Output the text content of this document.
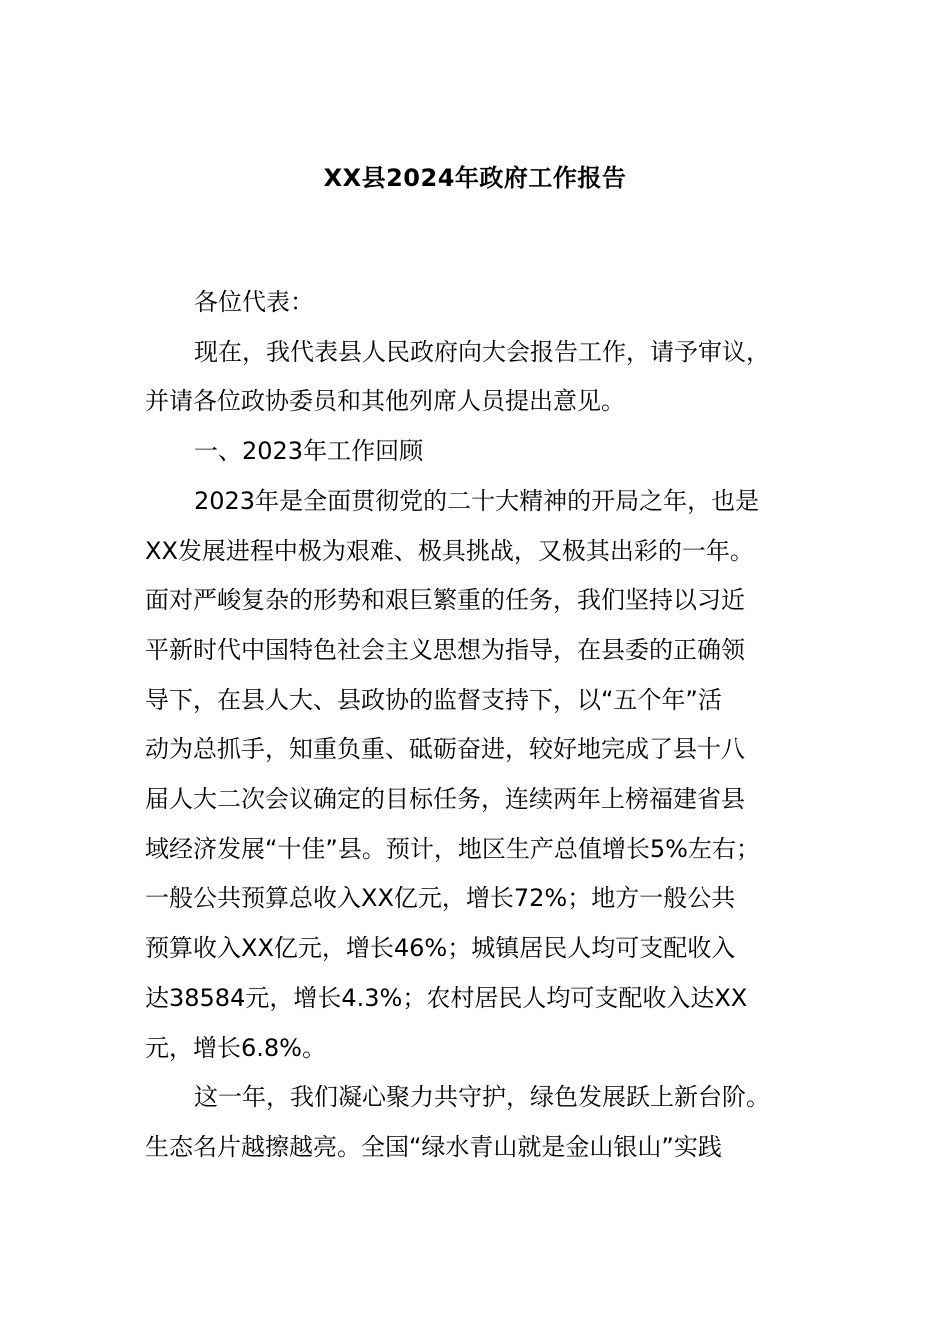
XX县2024年政府工作报告
各位代表：
现在，我代表县人民政府向大会报告工作，请予审议，
并请各位政协委员和其他列席人员提出意见。
一、2023年工作回顾
2023年是全面贯彻党的二十大精神的开局之年，也是
XX发展进程中极为艰难、极具挑战，又极其出彩的一年。
面对严峻复杂的形势和艰巨繁重的任务，我们坚持以习近
平新时代中国特色社会主义思想为指导，在县委的正确领
导下，在县人大、县政协的监督支持下，以“五个年”活
动为总抓手，知重负重、砥砺奋进，较好地完成了县十八
届人大二次会议确定的目标任务，连续两年上榜福建省县
域经济发展“十佳”县。预计，地区生产总值增长5%左右；
一般公共预算总收入XX亿元，增长72%；地方一般公共
预算收入XX亿元，增长46%；城镇居民人均可支配收入
达38584元，增长4.3%；农村居民人均可支配收入达XX
元，增长6.8%。
这一年，我们凝心聚力共守护，绿色发展跃上新台阶。
生态名片越擦越亮。全国“绿水青山就是金山银山”实践
